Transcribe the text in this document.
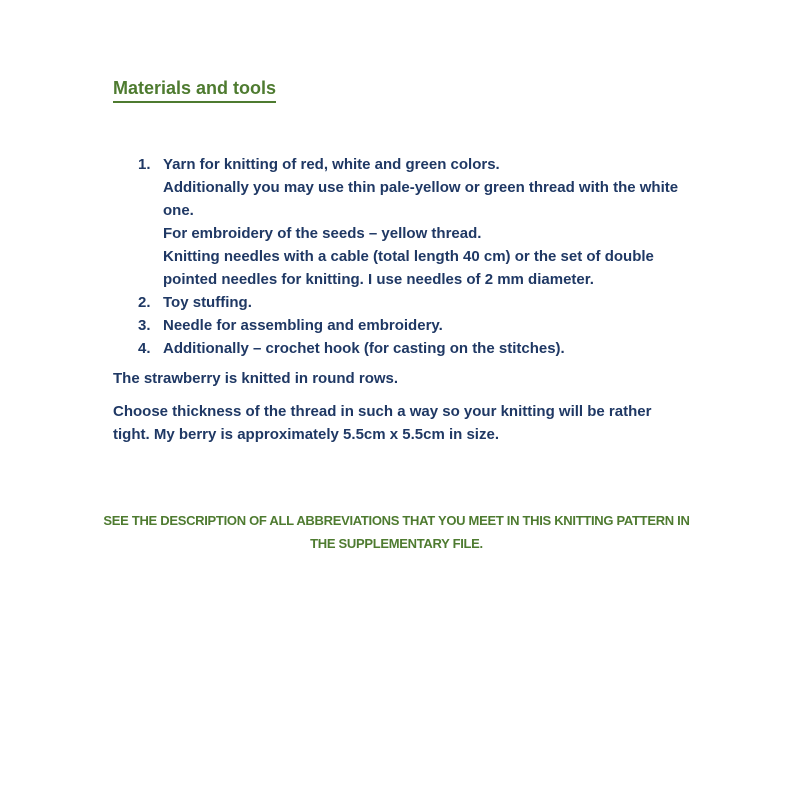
Materials and tools
1. Yarn for knitting of red, white and green colors.
Additionally you may use thin pale-yellow or green thread with the white
one.
For embroidery of the seeds – yellow thread.
Knitting needles with a cable (total length 40 cm) or the set of double
pointed needles for knitting. I use needles of 2 mm diameter.
2. Toy stuffing.
3. Needle for assembling and embroidery.
4. Additionally – crochet hook (for casting on the stitches).

The strawberry is knitted in round rows.

Choose thickness of the thread in such a way so your knitting will be rather
tight. My berry is approximately 5.5cm x 5.5cm in size.

SEE THE DESCRIPTION OF ALL ABBREVIATIONS THAT YOU MEET IN THIS KNITTING PATTERN IN
THE SUPPLEMENTARY FILE.
